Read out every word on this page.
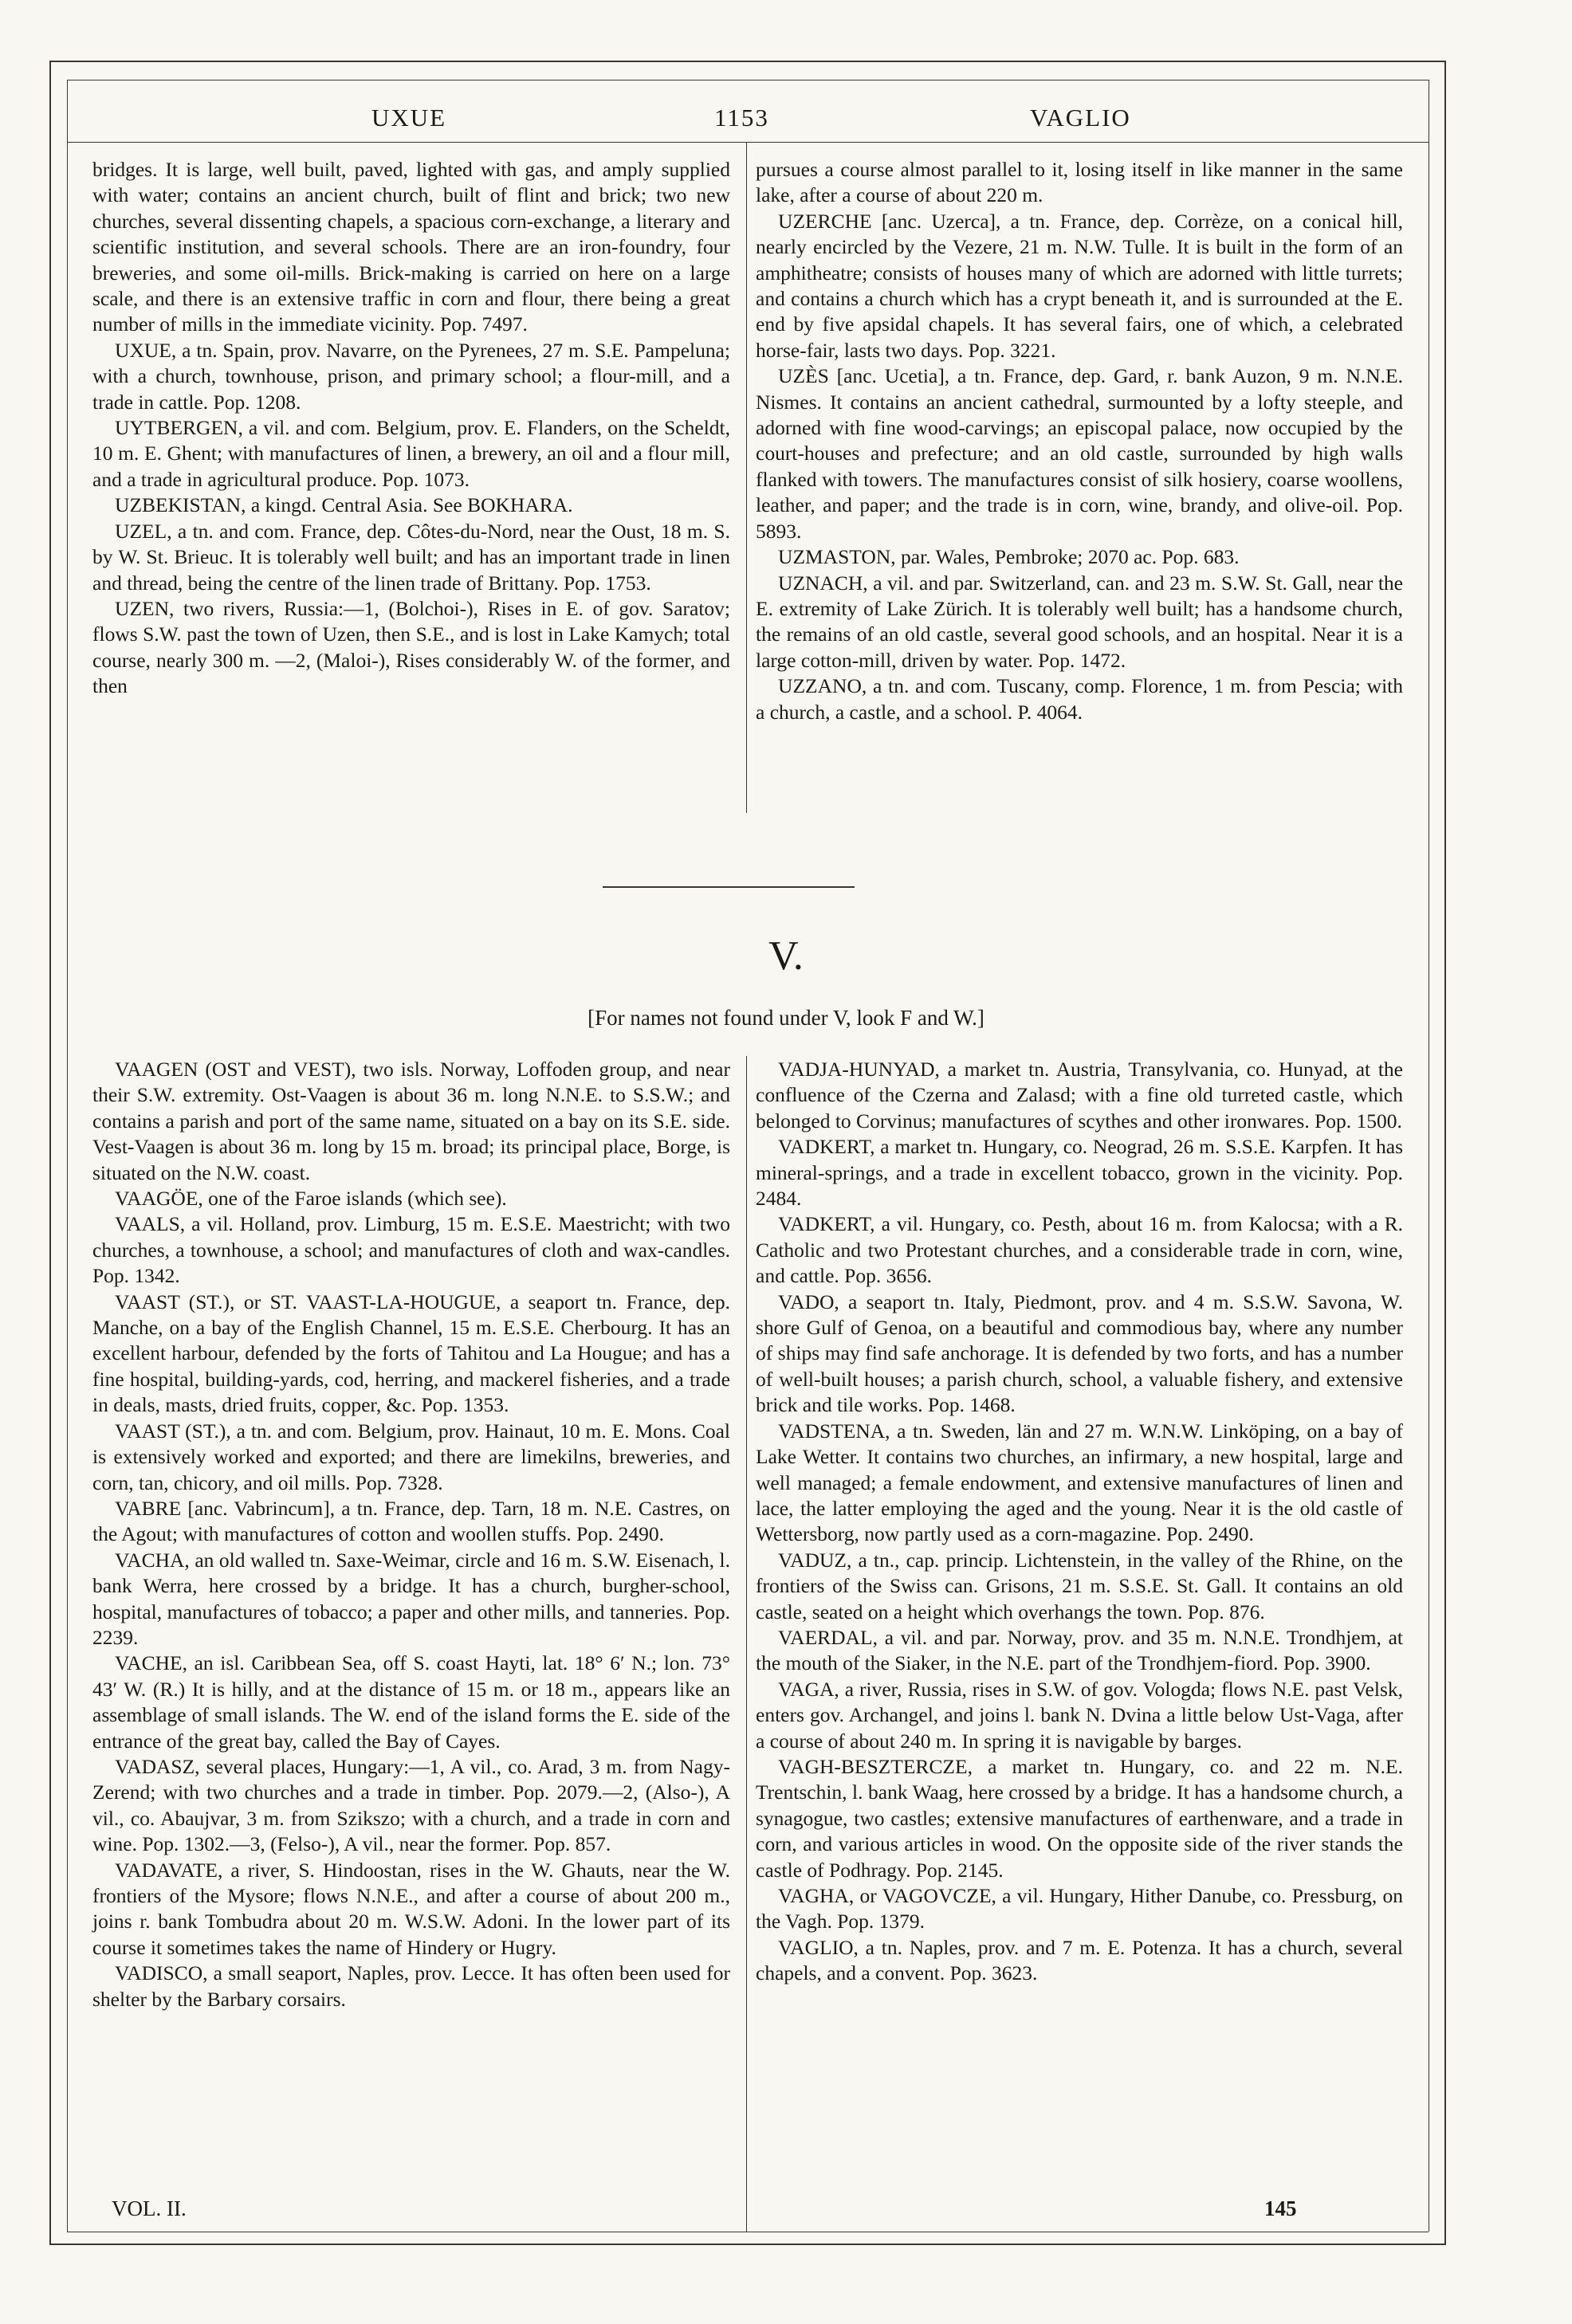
UXUE	1153	VAGLIO

bridges. It is large, well built, paved, lighted with gas, and amply supplied with water; contains an ancient church, built of flint and brick; two new churches, several dissenting chapels, a spacious corn-exchange, a literary and scientific institution, and several schools. There are an iron-foundry, four breweries, and some oil-mills. Brick-making is carried on here on a large scale, and there is an extensive traffic in corn and flour, there being a great number of mills in the immediate vicinity. Pop. 7497.

UXUE, a tn. Spain, prov. Navarre, on the Pyrenees, 27 m. S.E. Pampeluna; with a church, townhouse, prison, and primary school; a flour-mill, and a trade in cattle. Pop. 1208.

UYTBERGEN, a vil. and com. Belgium, prov. E. Flanders, on the Scheldt, 10 m. E. Ghent; with manufactures of linen, a brewery, an oil and a flour mill, and a trade in agricultural produce. Pop. 1073.

UZBEKISTAN, a kingd. Central Asia. See BOKHARA.

UZEL, a tn. and com. France, dep. Côtes-du-Nord, near the Oust, 18 m. S. by W. St. Brieuc. It is tolerably well built; and has an important trade in linen and thread, being the centre of the linen trade of Brittany. Pop. 1753.

UZEN, two rivers, Russia:—1, (Bolchoi-), Rises in E. of gov. Saratov; flows S.W. past the town of Uzen, then S.E., and is lost in Lake Kamych; total course, nearly 300 m. —2, (Maloi-), Rises considerably W. of the former, and then

pursues a course almost parallel to it, losing itself in like manner in the same lake, after a course of about 220 m.

UZERCHE [anc. Uzerca], a tn. France, dep. Corrèze, on a conical hill, nearly encircled by the Vezere, 21 m. N.W. Tulle. It is built in the form of an amphitheatre; consists of houses many of which are adorned with little turrets; and contains a church which has a crypt beneath it, and is surrounded at the E. end by five apsidal chapels. It has several fairs, one of which, a celebrated horse-fair, lasts two days. Pop. 3221.

UZÈS [anc. Ucetia], a tn. France, dep. Gard, r. bank Auzon, 9 m. N.N.E. Nismes. It contains an ancient cathedral, surmounted by a lofty steeple, and adorned with fine wood-carvings; an episcopal palace, now occupied by the court-houses and prefecture; and an old castle, surrounded by high walls flanked with towers. The manufactures consist of silk hosiery, coarse woollens, leather, and paper; and the trade is in corn, wine, brandy, and olive-oil. Pop. 5893.

UZMASTON, par. Wales, Pembroke; 2070 ac. Pop. 683.

UZNACH, a vil. and par. Switzerland, can. and 23 m. S.W. St. Gall, near the E. extremity of Lake Zürich. It is tolerably well built; has a handsome church, the remains of an old castle, several good schools, and an hospital. Near it is a large cotton-mill, driven by water. Pop. 1472.

UZZANO, a tn. and com. Tuscany, comp. Florence, 1 m. from Pescia; with a church, a castle, and a school. P. 4064.

V.
[For names not found under V, look F and W.]

VAAGEN (OST and VEST), two isls. Norway, Loffoden group, and near their S.W. extremity. Ost-Vaagen is about 36 m. long N.N.E. to S.S.W.; and contains a parish and port of the same name, situated on a bay on its S.E. side. Vest-Vaagen is about 36 m. long by 15 m. broad; its principal place, Borge, is situated on the N.W. coast.

VAAGÖE, one of the Faroe islands (which see).

VAALS, a vil. Holland, prov. Limburg, 15 m. E.S.E. Maestricht; with two churches, a townhouse, a school; and manufactures of cloth and wax-candles. Pop. 1342.

VAAST (ST.), or ST. VAAST-LA-HOUGUE, a seaport tn. France, dep. Manche, on a bay of the English Channel, 15 m. E.S.E. Cherbourg. It has an excellent harbour, defended by the forts of Tahitou and La Hougue; and has a fine hospital, building-yards, cod, herring, and mackerel fisheries, and a trade in deals, masts, dried fruits, copper, &c. Pop. 1353.

VAAST (ST.), a tn. and com. Belgium, prov. Hainaut, 10 m. E. Mons. Coal is extensively worked and exported; and there are limekilns, breweries, and corn, tan, chicory, and oil mills. Pop. 7328.

VABRE [anc. Vabrincum], a tn. France, dep. Tarn, 18 m. N.E. Castres, on the Agout; with manufactures of cotton and woollen stuffs. Pop. 2490.

VACHA, an old walled tn. Saxe-Weimar, circle and 16 m. S.W. Eisenach, l. bank Werra, here crossed by a bridge. It has a church, burgher-school, hospital, manufactures of tobacco; a paper and other mills, and tanneries. Pop. 2239.

VACHE, an isl. Caribbean Sea, off S. coast Hayti, lat. 18° 6′ N.; lon. 73° 43′ W. (R.) It is hilly, and at the distance of 15 m. or 18 m., appears like an assemblage of small islands. The W. end of the island forms the E. side of the entrance of the great bay, called the Bay of Cayes.

VADASZ, several places, Hungary:—1, A vil., co. Arad, 3 m. from Nagy-Zerend; with two churches and a trade in timber. Pop. 2079.—2, (Also-), A vil., co. Abaujvar, 3 m. from Szikszo; with a church, and a trade in corn and wine. Pop. 1302.—3, (Felso-), A vil., near the former. Pop. 857.

VADAVATE, a river, S. Hindoostan, rises in the W. Ghauts, near the W. frontiers of the Mysore; flows N.N.E., and after a course of about 200 m., joins r. bank Tombudra about 20 m. W.S.W. Adoni. In the lower part of its course it sometimes takes the name of Hindery or Hugry.

VADISCO, a small seaport, Naples, prov. Lecce. It has often been used for shelter by the Barbary corsairs.

VADJA-HUNYAD, a market tn. Austria, Transylvania, co. Hunyad, at the confluence of the Czerna and Zalasd; with a fine old turreted castle, which belonged to Corvinus; manufactures of scythes and other ironwares. Pop. 1500.

VADKERT, a market tn. Hungary, co. Neograd, 26 m. S.S.E. Karpfen. It has mineral-springs, and a trade in excellent tobacco, grown in the vicinity. Pop. 2484.

VADKERT, a vil. Hungary, co. Pesth, about 16 m. from Kalocsa; with a R. Catholic and two Protestant churches, and a considerable trade in corn, wine, and cattle. Pop. 3656.

VADO, a seaport tn. Italy, Piedmont, prov. and 4 m. S.S.W. Savona, W. shore Gulf of Genoa, on a beautiful and commodious bay, where any number of ships may find safe anchorage. It is defended by two forts, and has a number of well-built houses; a parish church, school, a valuable fishery, and extensive brick and tile works. Pop. 1468.

VADSTENA, a tn. Sweden, län and 27 m. W.N.W. Linköping, on a bay of Lake Wetter. It contains two churches, an infirmary, a new hospital, large and well managed; a female endowment, and extensive manufactures of linen and lace, the latter employing the aged and the young. Near it is the old castle of Wettersborg, now partly used as a corn-magazine. Pop. 2490.

VADUZ, a tn., cap. princip. Lichtenstein, in the valley of the Rhine, on the frontiers of the Swiss can. Grisons, 21 m. S.S.E. St. Gall. It contains an old castle, seated on a height which overhangs the town. Pop. 876.

VAERDAL, a vil. and par. Norway, prov. and 35 m. N.N.E. Trondhjem, at the mouth of the Siaker, in the N.E. part of the Trondhjem-fiord. Pop. 3900.

VAGA, a river, Russia, rises in S.W. of gov. Vologda; flows N.E. past Velsk, enters gov. Archangel, and joins l. bank N. Dvina a little below Ust-Vaga, after a course of about 240 m. In spring it is navigable by barges.

VAGH-BESZTERCZE, a market tn. Hungary, co. and 22 m. N.E. Trentschin, l. bank Waag, here crossed by a bridge. It has a handsome church, a synagogue, two castles; extensive manufactures of earthenware, and a trade in corn, and various articles in wood. On the opposite side of the river stands the castle of Podhragy. Pop. 2145.

VAGHA, or VAGOVCZE, a vil. Hungary, Hither Danube, co. Pressburg, on the Vagh. Pop. 1379.

VAGLIO, a tn. Naples, prov. and 7 m. E. Potenza. It has a church, several chapels, and a convent. Pop. 3623.

VOL. II.	145
